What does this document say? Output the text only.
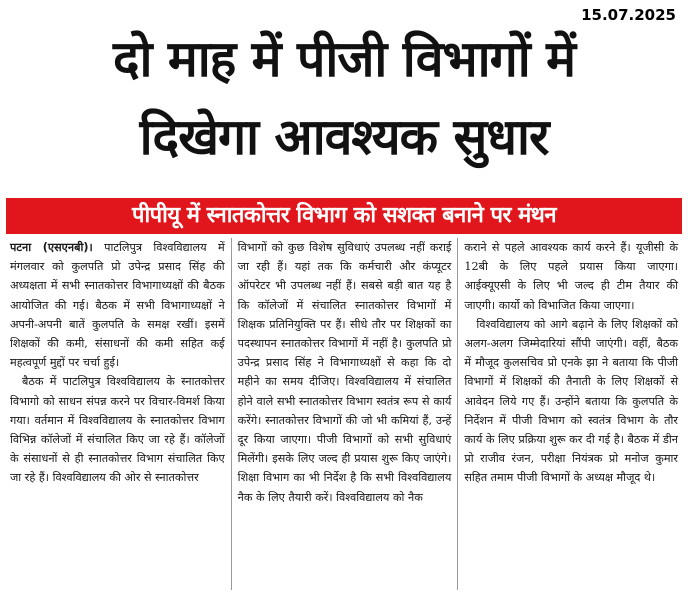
15.07.2025
दो माह में पीजी विभागों में
दिखेगा आवश्यक सुधार
पीपीयू में स्नातकोत्तर विभाग को सशक्त बनाने पर मंथन

पटना (एसएनबी)। पाटलिपुत्र विश्वविद्यालय में मंगलवार को कुलपति प्रो उपेन्द्र प्रसाद सिंह की अध्यक्षता में सभी स्नातकोत्तर विभागाध्यक्षों की बैठक आयोजित की गई। बैठक में सभी विभागाध्यक्षों ने अपनी-अपनी बातें कुलपति के समक्ष रखीं। इसमें शिक्षकों की कमी, संसाधनों की कमी सहित कई महत्वपूर्ण मुद्दों पर चर्चा हुई।

बैठक में पाटलिपुत्र विश्वविद्यालय के स्नातकोत्तर विभागो को साधन संपन्न करने पर विचार-विमर्श किया गया। वर्तमान में विश्वविद्यालय के स्नातकोत्तर विभाग विभिन्न कॉलेजों में संचालित किए जा रहे हैं। कॉलेजों के संसाधनों से ही स्नातकोत्तर विभाग संचालित किए जा रहे हैं। विश्वविद्यालय की ओर से स्नातकोत्तर

विभागों को कुछ विशेष सुविधाएं उपलब्ध नहीं कराई जा रही हैं। यहां तक कि कर्मचारी और कंप्यूटर ऑपरेटर भी उपलब्ध नहीं हैं। सबसे बड़ी बात यह है कि कॉलेजों में संचालित स्नातकोत्तर विभागों में शिक्षक प्रतिनियुक्ति पर हैं। सीधे तौर पर शिक्षकों का पदस्थापन स्नातकोत्तर विभागों में नहीं है। कुलपति प्रो उपेन्द्र प्रसाद सिंह ने विभागाध्यक्षों से कहा कि दो महीने का समय दीजिए। विश्वविद्यालय में संचालित होने वाले सभी स्नातकोत्तर विभाग स्वतंत्र रूप से कार्य करेंगे। स्नातकोत्तर विभागों की जो भी कमियां हैं, उन्हें दूर किया जाएगा। पीजी विभागों को सभी सुविधाएं मिलेंगी। इसके लिए जल्द ही प्रयास शुरू किए जाएंगे। शिक्षा विभाग का भी निर्देश है कि सभी विश्वविद्यालय नैक के लिए तैयारी करें। विश्वविद्यालय को नैक

कराने से पहले आवश्यक कार्य करने हैं। यूजीसी के 12बी के लिए पहले प्रयास किया जाएगा। आईक्यूएसी के लिए भी जल्द ही टीम तैयार की जाएगी। कार्यो को विभाजित किया जाएगा।

विश्वविद्यालय को आगे बढ़ाने के लिए शिक्षकों को अलग-अलग जिम्मेदारियां सौंपी जाएंगी। वहीं, बैठक में मौजूद कुलसचिव प्रो एनके झा ने बताया कि पीजी विभागों में शिक्षकों की तैनाती के लिए शिक्षकों से आवेदन लिये गए हैं। उन्होंने बताया कि कुलपति के निर्देशन में पीजी विभाग को स्वतंत्र विभाग के तौर कार्य के लिए प्रक्रिया शुरू कर दी गई है। बैठक में डीन प्रो राजीव रंजन, परीक्षा नियंत्रक प्रो मनोज कुमार सहित तमाम पीजी विभागों के अध्यक्ष मौजूद थे।
